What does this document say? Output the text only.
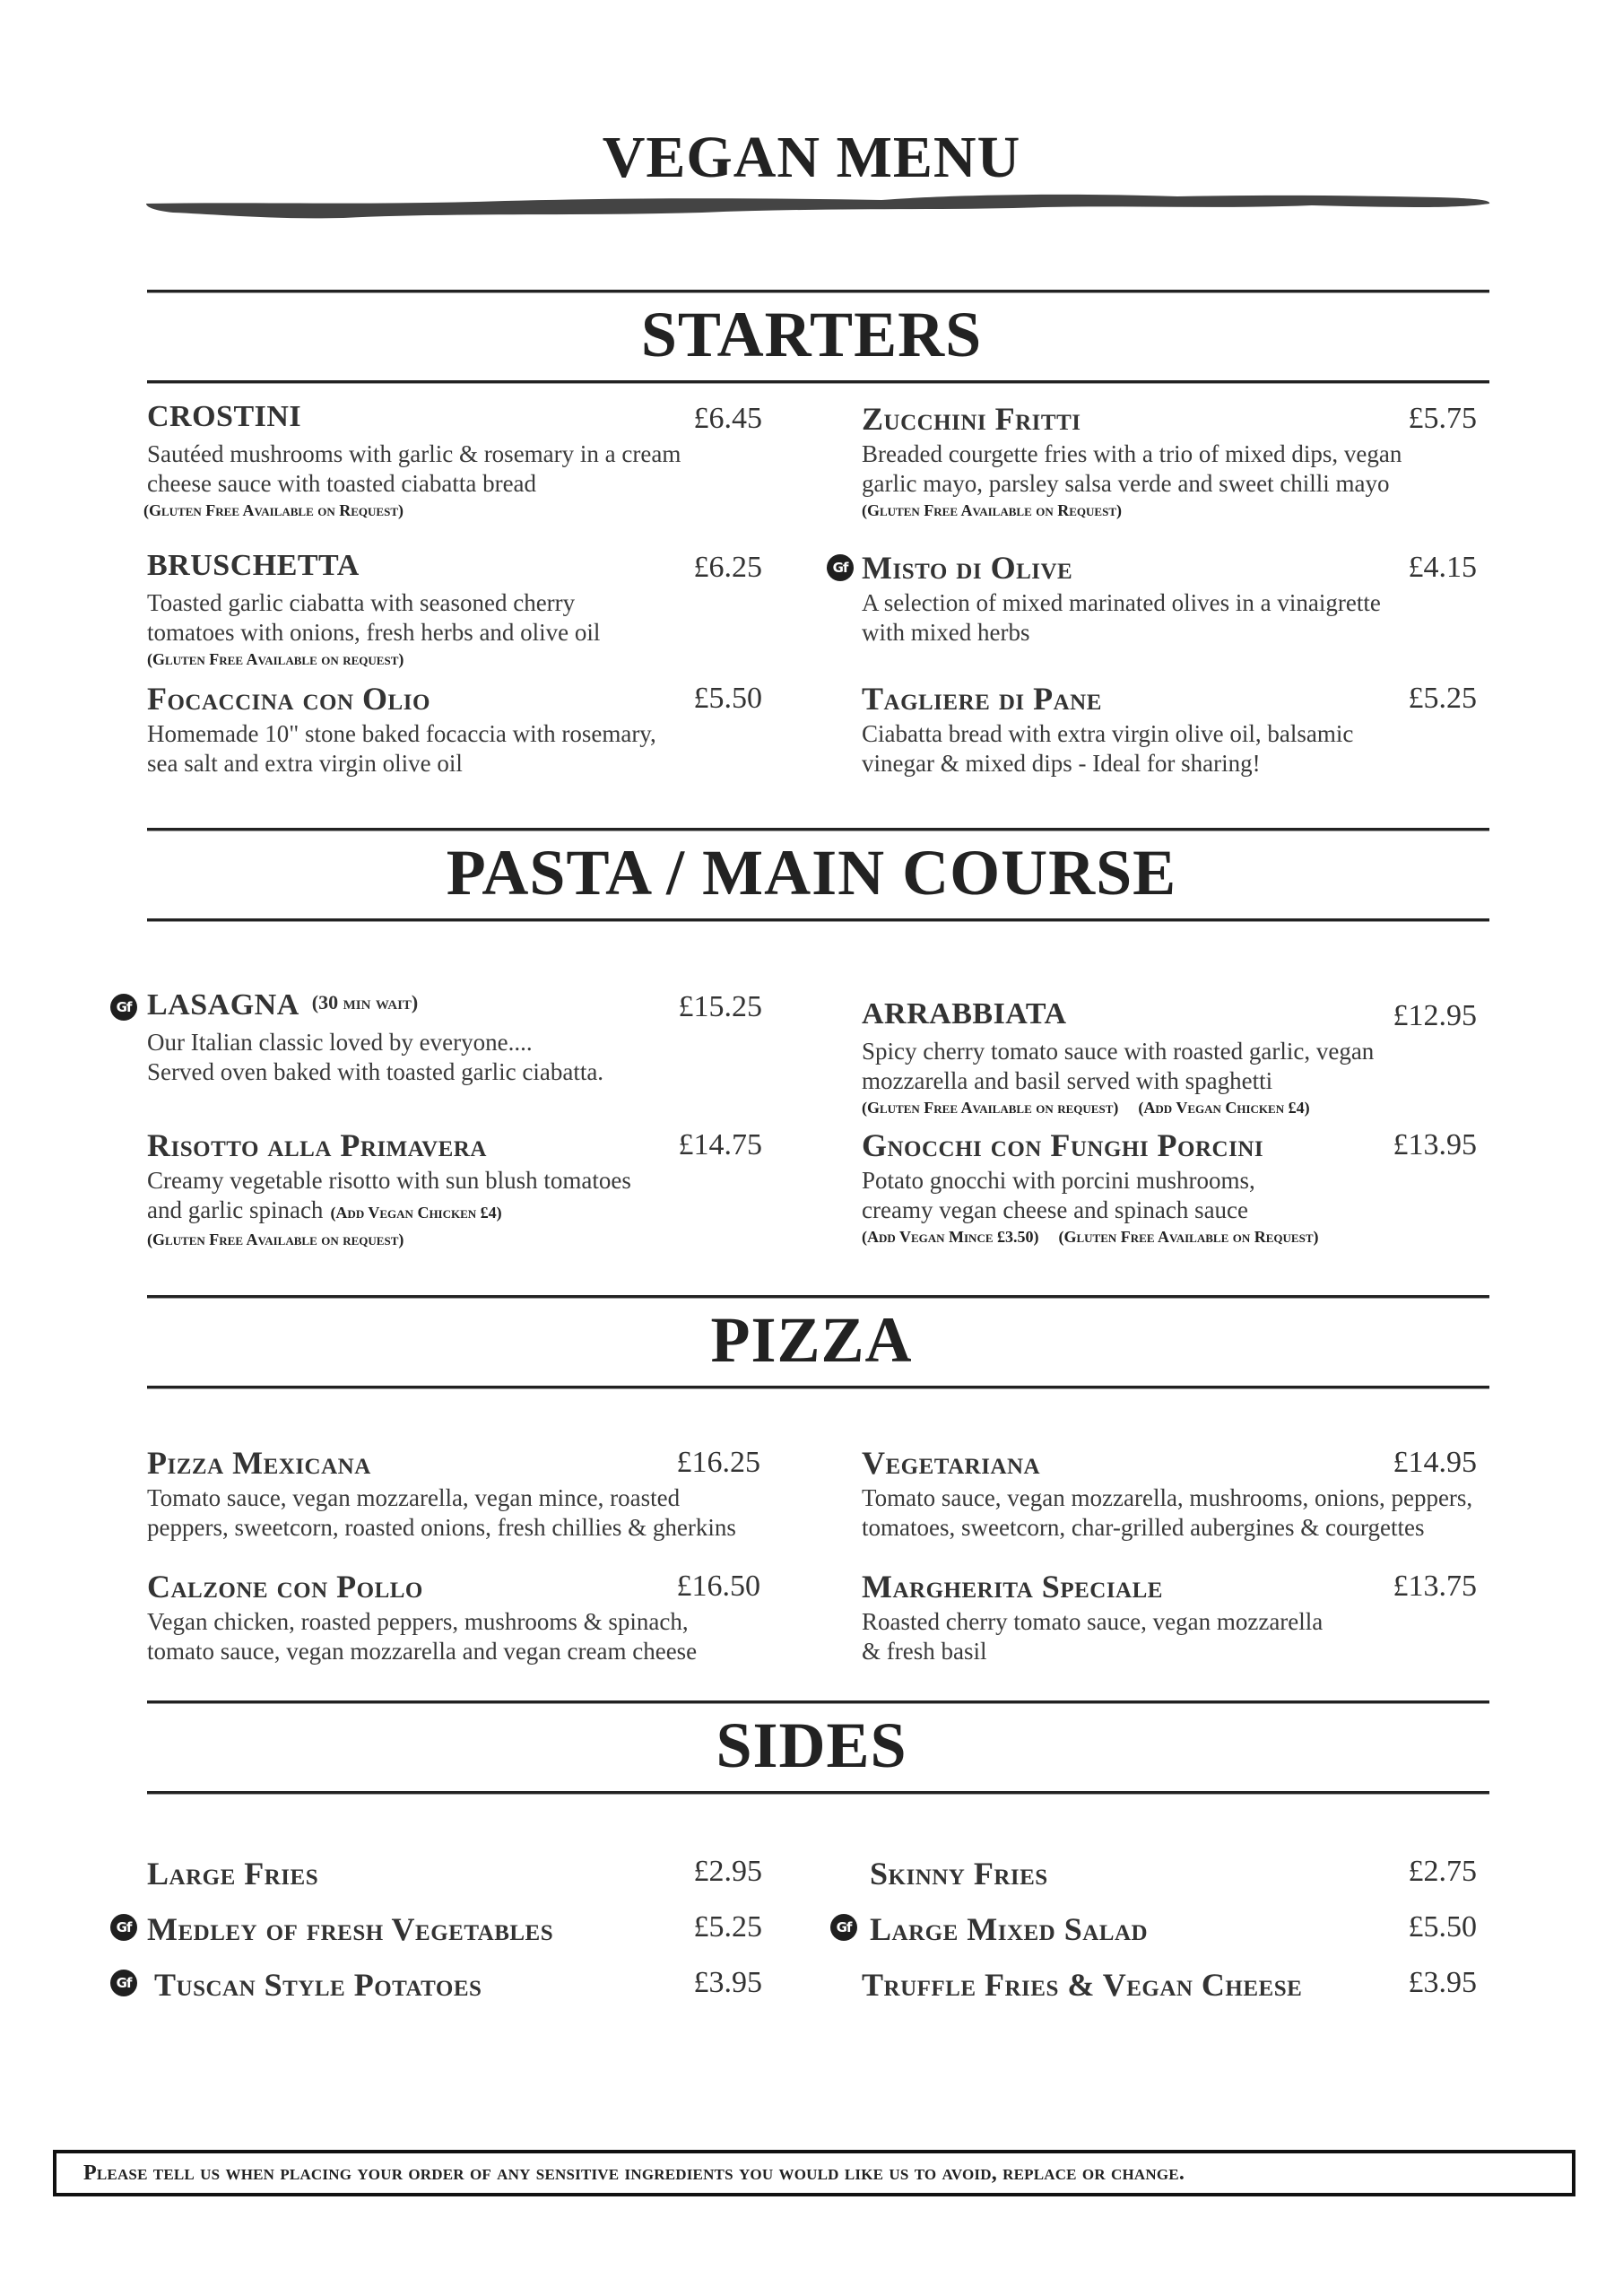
VEGAN MENU
STARTERS
CROSTINI	£6.45
Sautéed mushrooms with garlic & rosemary in a cream
cheese sauce with toasted ciabatta bread
(Gluten Free Available on Request)
BRUSCHETTA	£6.25
Toasted garlic ciabatta with seasoned cherry
tomatoes with onions, fresh herbs and olive oil
(Gluten Free Available on request)
Focaccina con Olio	£5.50
Homemade 10" stone baked focaccia with rosemary,
sea salt and extra virgin olive oil
Zucchini Fritti	£5.75
Breaded courgette fries with a trio of mixed dips, vegan
garlic mayo, parsley salsa verde and sweet chilli mayo
(Gluten Free Available on Request)
Gf Misto di Olive	£4.15
A selection of mixed marinated olives in a vinaigrette
with mixed herbs
Tagliere di Pane	£5.25
Ciabatta bread with extra virgin olive oil, balsamic
vinegar & mixed dips - Ideal for sharing!
PASTA / MAIN COURSE
Gf LASAGNA (30 min wait)	£15.25
Our Italian classic loved by everyone....
Served oven baked with toasted garlic ciabatta.
Risotto alla Primavera	£14.75
Creamy vegetable risotto with sun blush tomatoes
and garlic spinach (Add Vegan Chicken £4)
(Gluten Free Available on request)
ARRABBIATA	£12.95
Spicy cherry tomato sauce with roasted garlic, vegan
mozzarella and basil served with spaghetti
(Gluten Free Available on request) (Add Vegan Chicken £4)
Gnocchi con Funghi Porcini	£13.95
Potato gnocchi with porcini mushrooms,
creamy vegan cheese and spinach sauce
(Add Vegan Mince £3.50) (Gluten Free Available on Request)
PIZZA
Pizza Mexicana	£16.25
Tomato sauce, vegan mozzarella, vegan mince, roasted
peppers, sweetcorn, roasted onions, fresh chillies & gherkins
Calzone con Pollo	£16.50
Vegan chicken, roasted peppers, mushrooms & spinach,
tomato sauce, vegan mozzarella and vegan cream cheese
Vegetariana	£14.95
Tomato sauce, vegan mozzarella, mushrooms, onions, peppers,
tomatoes, sweetcorn, char-grilled aubergines & courgettes
Margherita Speciale	£13.75
Roasted cherry tomato sauce, vegan mozzarella
& fresh basil
SIDES
Large Fries	£2.95
Gf Medley of fresh Vegetables	£5.25
Gf Tuscan Style Potatoes	£3.95
Skinny Fries	£2.75
Gf Large Mixed Salad	£5.50
Truffle Fries & Vegan Cheese	£3.95
Please tell us when placing your order of any sensitive ingredients you would like us to avoid, replace or change.
